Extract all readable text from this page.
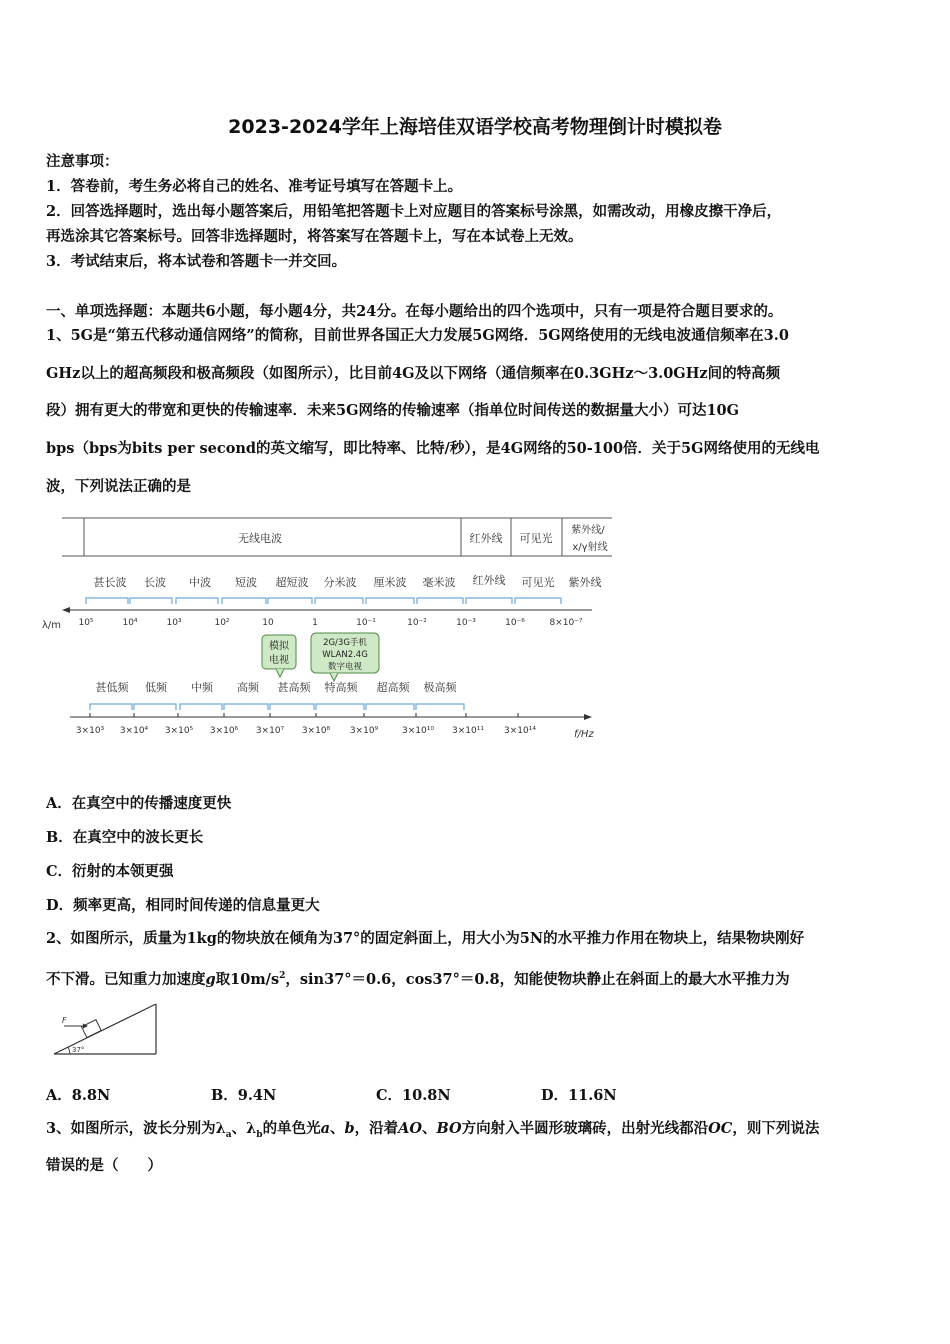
2023-2024学年上海培佳双语学校高考物理倒计时模拟卷
注意事项：
1．答卷前，考生务必将自己的姓名、准考证号填写在答题卡上。
2．回答选择题时，选出每小题答案后，用铅笔把答题卡上对应题目的答案标号涂黑，如需改动，用橡皮擦干净后，
再选涂其它答案标号。回答非选择题时，将答案写在答题卡上，写在本试卷上无效。
3．考试结束后，将本试卷和答题卡一并交回。
一、单项选择题：本题共6小题，每小题4分，共24分。在每小题给出的四个选项中，只有一项是符合题目要求的。
1、5G是“第五代移动通信网络”的简称，目前世界各国正大力发展5G网络．5G网络使用的无线电波通信频率在3.0
GHz以上的超高频段和极高频段（如图所示），比目前4G及以下网络（通信频率在0.3GHz～3.0GHz间的特高频
段）拥有更大的带宽和更快的传输速率．未来5G网络的传输速率（指单位时间传送的数据量大小）可达10G
bps（bps为bits per second的英文缩写，即比特率、比特/秒），是4G网络的50-100倍．关于5G网络使用的无线电
波，下列说法正确的是
无线电波	红外线 可见光
紫外线/
x/γ射线
甚长波 长波 中波 短波 超短波 分米波 厘米波 毫米波 红外线 可见光 紫外线
λ/m 10⁵	10⁴	10³	10²	10	1	10⁻¹	10⁻²	10⁻³	10⁻⁶	8×10⁻⁷
模拟
电视
2G/3G手机
WLAN2.4G
数字电视
甚低频 低频 中频 高频 甚高频 特高频 超高频 极高频
3×10³ 3×10⁴ 3×10⁵ 3×10⁶ 3×10⁷ 3×10⁸ 3×10⁹	3×10¹⁰ 3×10¹¹ 3×10¹⁴	f/Hz
A．在真空中的传播速度更快
B．在真空中的波长更长
C．衍射的本领更强
D．频率更高，相同时间传递的信息量更大
2、如图所示，质量为1kg的物块放在倾角为37°的固定斜面上，用大小为5N的水平推力作用在物块上，结果物块刚好
不下滑。已知重力加速度g取$10m/s^2$，sin37°＝0.6，cos37°＝0.8，知能使物块静止在斜面上的最大水平推力为
F
37°
A．8.8N	B．9.4N	C．10.8N	D．11.6N
3、如图所示，波长分别为$\lambda_a$、$\lambda_b$的单色光a、b，沿着AO、BO方向射入半圆形玻璃砖，出射光线都沿OC，则下列说法
错误的是（　　）
